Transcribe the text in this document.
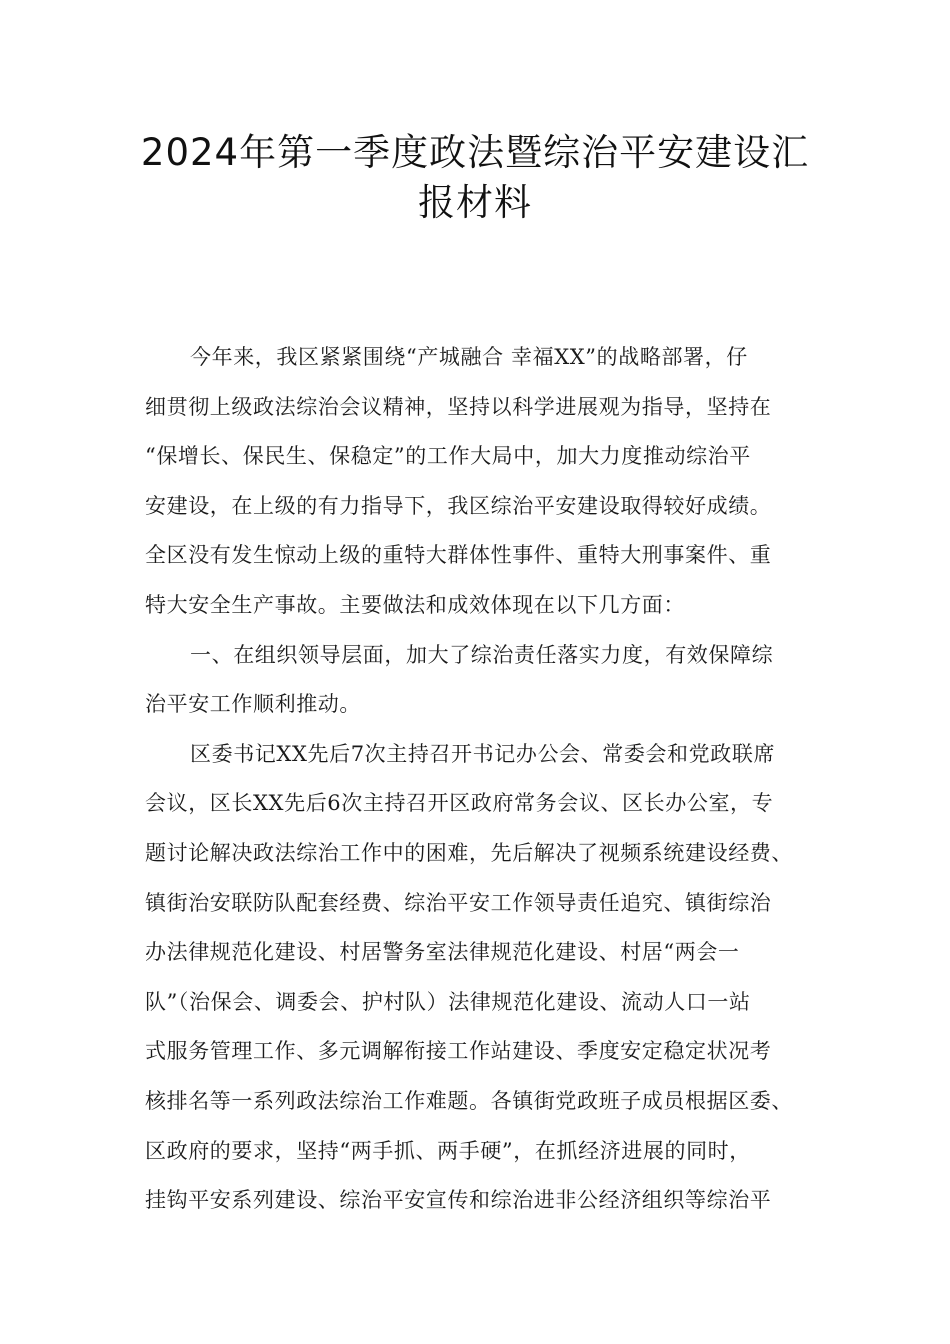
2024年第一季度政法暨综治平安建设汇
报材料
今年来，我区紧紧围绕“产城融合 幸福XX”的战略部署，仔
细贯彻上级政法综治会议精神，坚持以科学进展观为指导，坚持在
“保增长、保民生、保稳定”的工作大局中，加大力度推动综治平
安建设，在上级的有力指导下，我区综治平安建设取得较好成绩。
全区没有发生惊动上级的重特大群体性事件、重特大刑事案件、重
特大安全生产事故。主要做法和成效体现在以下几方面：
一、在组织领导层面，加大了综治责任落实力度，有效保障综
治平安工作顺利推动。
区委书记XX先后7次主持召开书记办公会、常委会和党政联席
会议，区长XX先后6次主持召开区政府常务会议、区长办公室，专
题讨论解决政法综治工作中的困难，先后解决了视频系统建设经费、
镇街治安联防队配套经费、综治平安工作领导责任追究、镇街综治
办法律规范化建设、村居警务室法律规范化建设、村居“两会一
队”（治保会、调委会、护村队）法律规范化建设、流动人口一站
式服务管理工作、多元调解衔接工作站建设、季度安定稳定状况考
核排名等一系列政法综治工作难题。各镇街党政班子成员根据区委、
区政府的要求，坚持“两手抓、两手硬”，在抓经济进展的同时，
挂钩平安系列建设、综治平安宣传和综治进非公经济组织等综治平
